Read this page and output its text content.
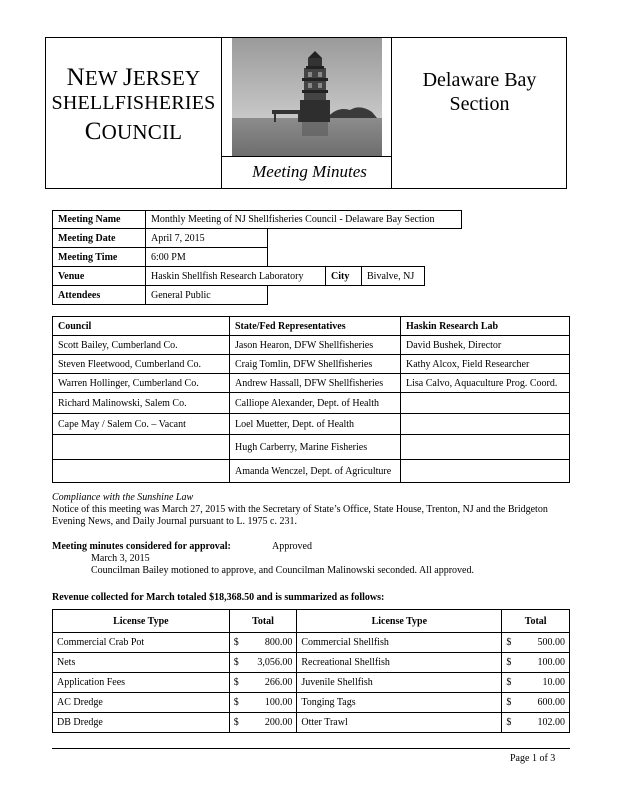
NEW JERSEY
SHELLFISHERIES
COUNCIL
Delaware Bay Section
Meeting Minutes
Meeting Name	Monthly Meeting of NJ Shellfisheries Council - Delaware Bay Section
Meeting Date	April 7, 2015
Meeting Time	6:00 PM
Venue	Haskin Shellfish Research Laboratory	City	Bivalve, NJ
Attendees	General Public
Council	State/Fed Representatives	Haskin Research Lab
Scott Bailey, Cumberland Co.	Jason Hearon, DFW Shellfisheries	David Bushek, Director
Steven Fleetwood, Cumberland Co.	Craig Tomlin, DFW Shellfisheries	Kathy Alcox, Field Researcher
Warren Hollinger, Cumberland Co.	Andrew Hassall, DFW Shellfisheries	Lisa Calvo, Aquaculture Prog. Coord.
Richard Malinowski, Salem Co.	Calliope Alexander, Dept. of Health	
Cape May / Salem Co. – Vacant	Loel Muetter, Dept. of Health	
	Hugh Carberry, Marine Fisheries	
	Amanda Wenczel, Dept. of Agriculture	
Compliance with the Sunshine Law
Notice of this meeting was March 27, 2015 with the Secretary of State’s Office, State House, Trenton, NJ and the Bridgeton Evening News, and Daily Journal pursuant to L. 1975 c. 231.
Meeting minutes considered for approval:	Approved
March 3, 2015
Councilman Bailey motioned to approve, and Councilman Malinowski seconded. All approved.
Revenue collected for March totaled $18,368.50 and is summarized as follows:
License Type	Total		License Type	Total	
Commercial Crab Pot	$	800.00	Commercial Shellfish	$	500.00
Nets	$	3,056.00	Recreational Shellfish	$	100.00
Application Fees	$	266.00	Juvenile Shellfish	$	10.00
AC Dredge	$	100.00	Tonging Tags	$	600.00
DB Dredge	$	200.00	Otter Trawl	$	102.00
Page 1 of 3
